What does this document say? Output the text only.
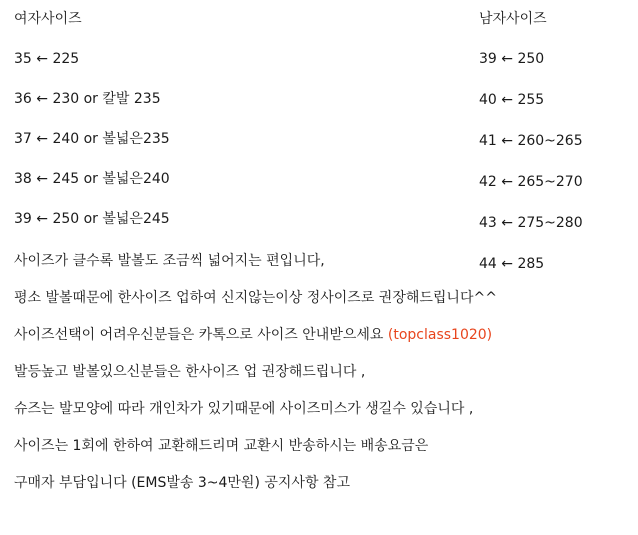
여자사이즈
35 ← 225
36 ← 230 or 칼발 235
37 ← 240 or 볼넓은235
38 ← 245 or 볼넓은240
39 ← 250 or 볼넓은245
남자사이즈
39 ← 250
40 ← 255
41 ← 260~265
42 ← 265~270
43 ← 275~280
44 ← 285
사이즈가 클수록 발볼도 조금씩 넓어지는 편입니다,
평소 발볼때문에 한사이즈 업하여 신지않는이상 정사이즈로 권장해드립니다^^
사이즈선택이 어려우신분들은 카톡으로 사이즈 안내받으세요 (topclass1020)
발등높고 발볼있으신분들은 한사이즈 업 권장해드립니다 ,
슈즈는 발모양에 따라 개인차가 있기때문에 사이즈미스가 생길수 있습니다 ,
사이즈는 1회에 한하여 교환해드리며 교환시 반송하시는 배송요금은
구매자 부담입니다 (EMS발송 3~4만원) 공지사항 참고
